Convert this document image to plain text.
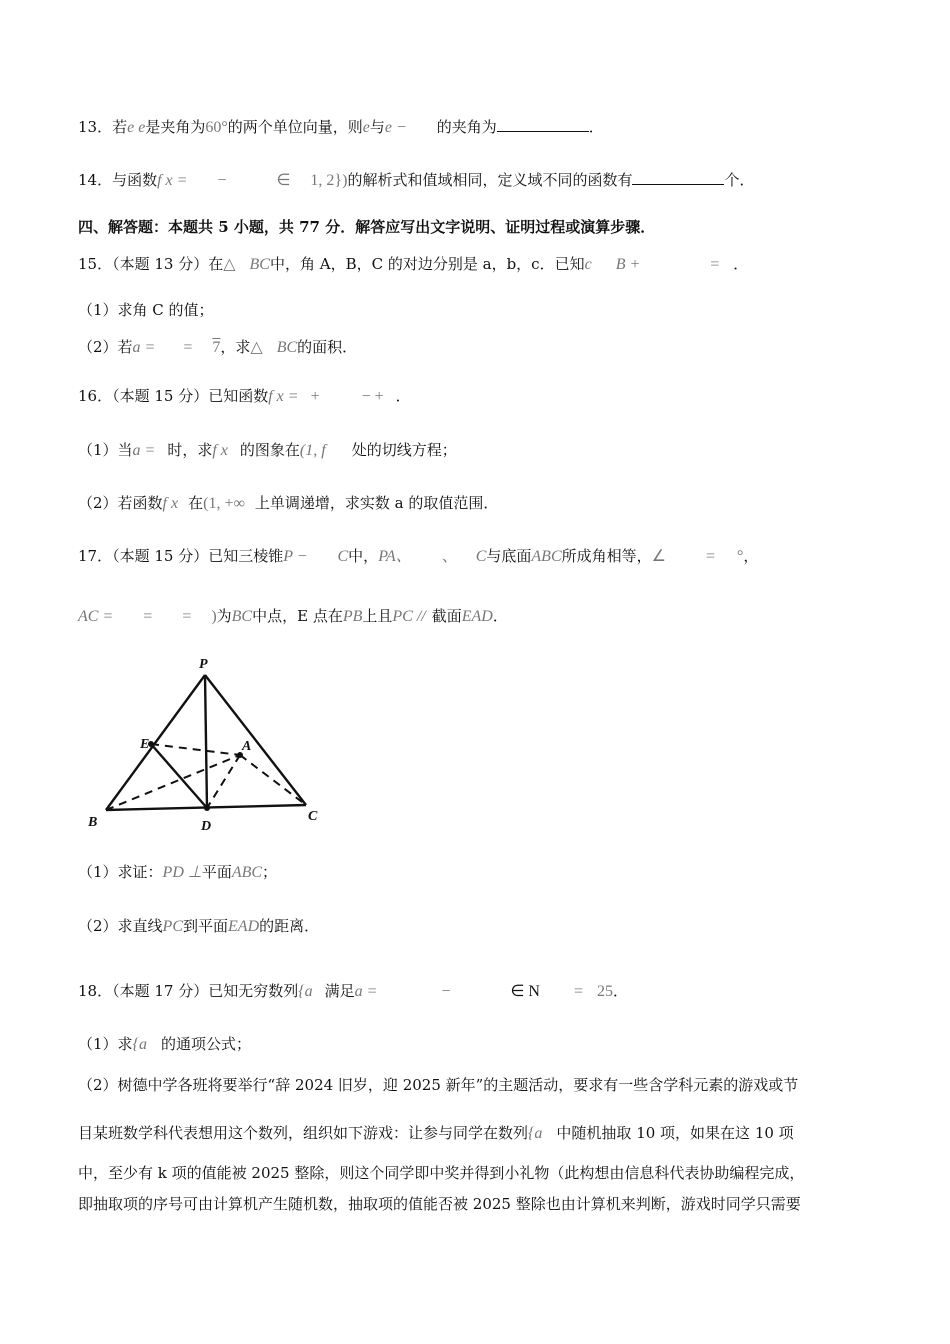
13．若e e是夹角为60°的两个单位向量，则e与e − 的夹角为	．
14．与函数f x = −	∈ 1, 2})的解析式和值域相同，定义域不同的函数有	个．
四、解答题：本题共 5 小题，共 77 分．解答应写出文字说明、证明过程或演算步骤．
15．（本题 13 分）在△ BC中，角 A，B，C 的对边分别是 a，b，c．已知c B +	= ．
（1）求角 C 的值；
（2）若a = = 7，求△ BC的面积．
16．（本题 15 分）已知函数f x = +	− + ．
（1）当a = 时，求f x 的图象在(1, f 处的切线方程；
（2）若函数f x 在(1, +∞ 上单调递增，求实数 a 的取值范围．
17．（本题 15 分）已知三棱锥P − C中，PA、 、 C与底面ABC所成角相等，∠	= °，
AC = = = )为BC中点，E 点在PB上且PC // 截面EAD．
P
E	A
B	D
C
（1）求证：PD ⊥平面ABC；
（2）求直线PC到平面EAD的距离．
18．（本题 17 分）已知无穷数列{a 满足a =	−	∈ N = 25．
（1）求{a 的通项公式；
（2）树德中学各班将要举行“辞 2024 旧岁，迎 2025 新年”的主题活动，要求有一些含学科元素的游戏或节
目某班数学科代表想用这个数列，组织如下游戏：让参与同学在数列{a 中随机抽取 10 项，如果在这 10 项
中，至少有 k 项的值能被 2025 整除，则这个同学即中奖并得到小礼物（此构想由信息科代表协助编程完成，
即抽取项的序号可由计算机产生随机数，抽取项的值能否被 2025 整除也由计算机来判断，游戏时同学只需要
